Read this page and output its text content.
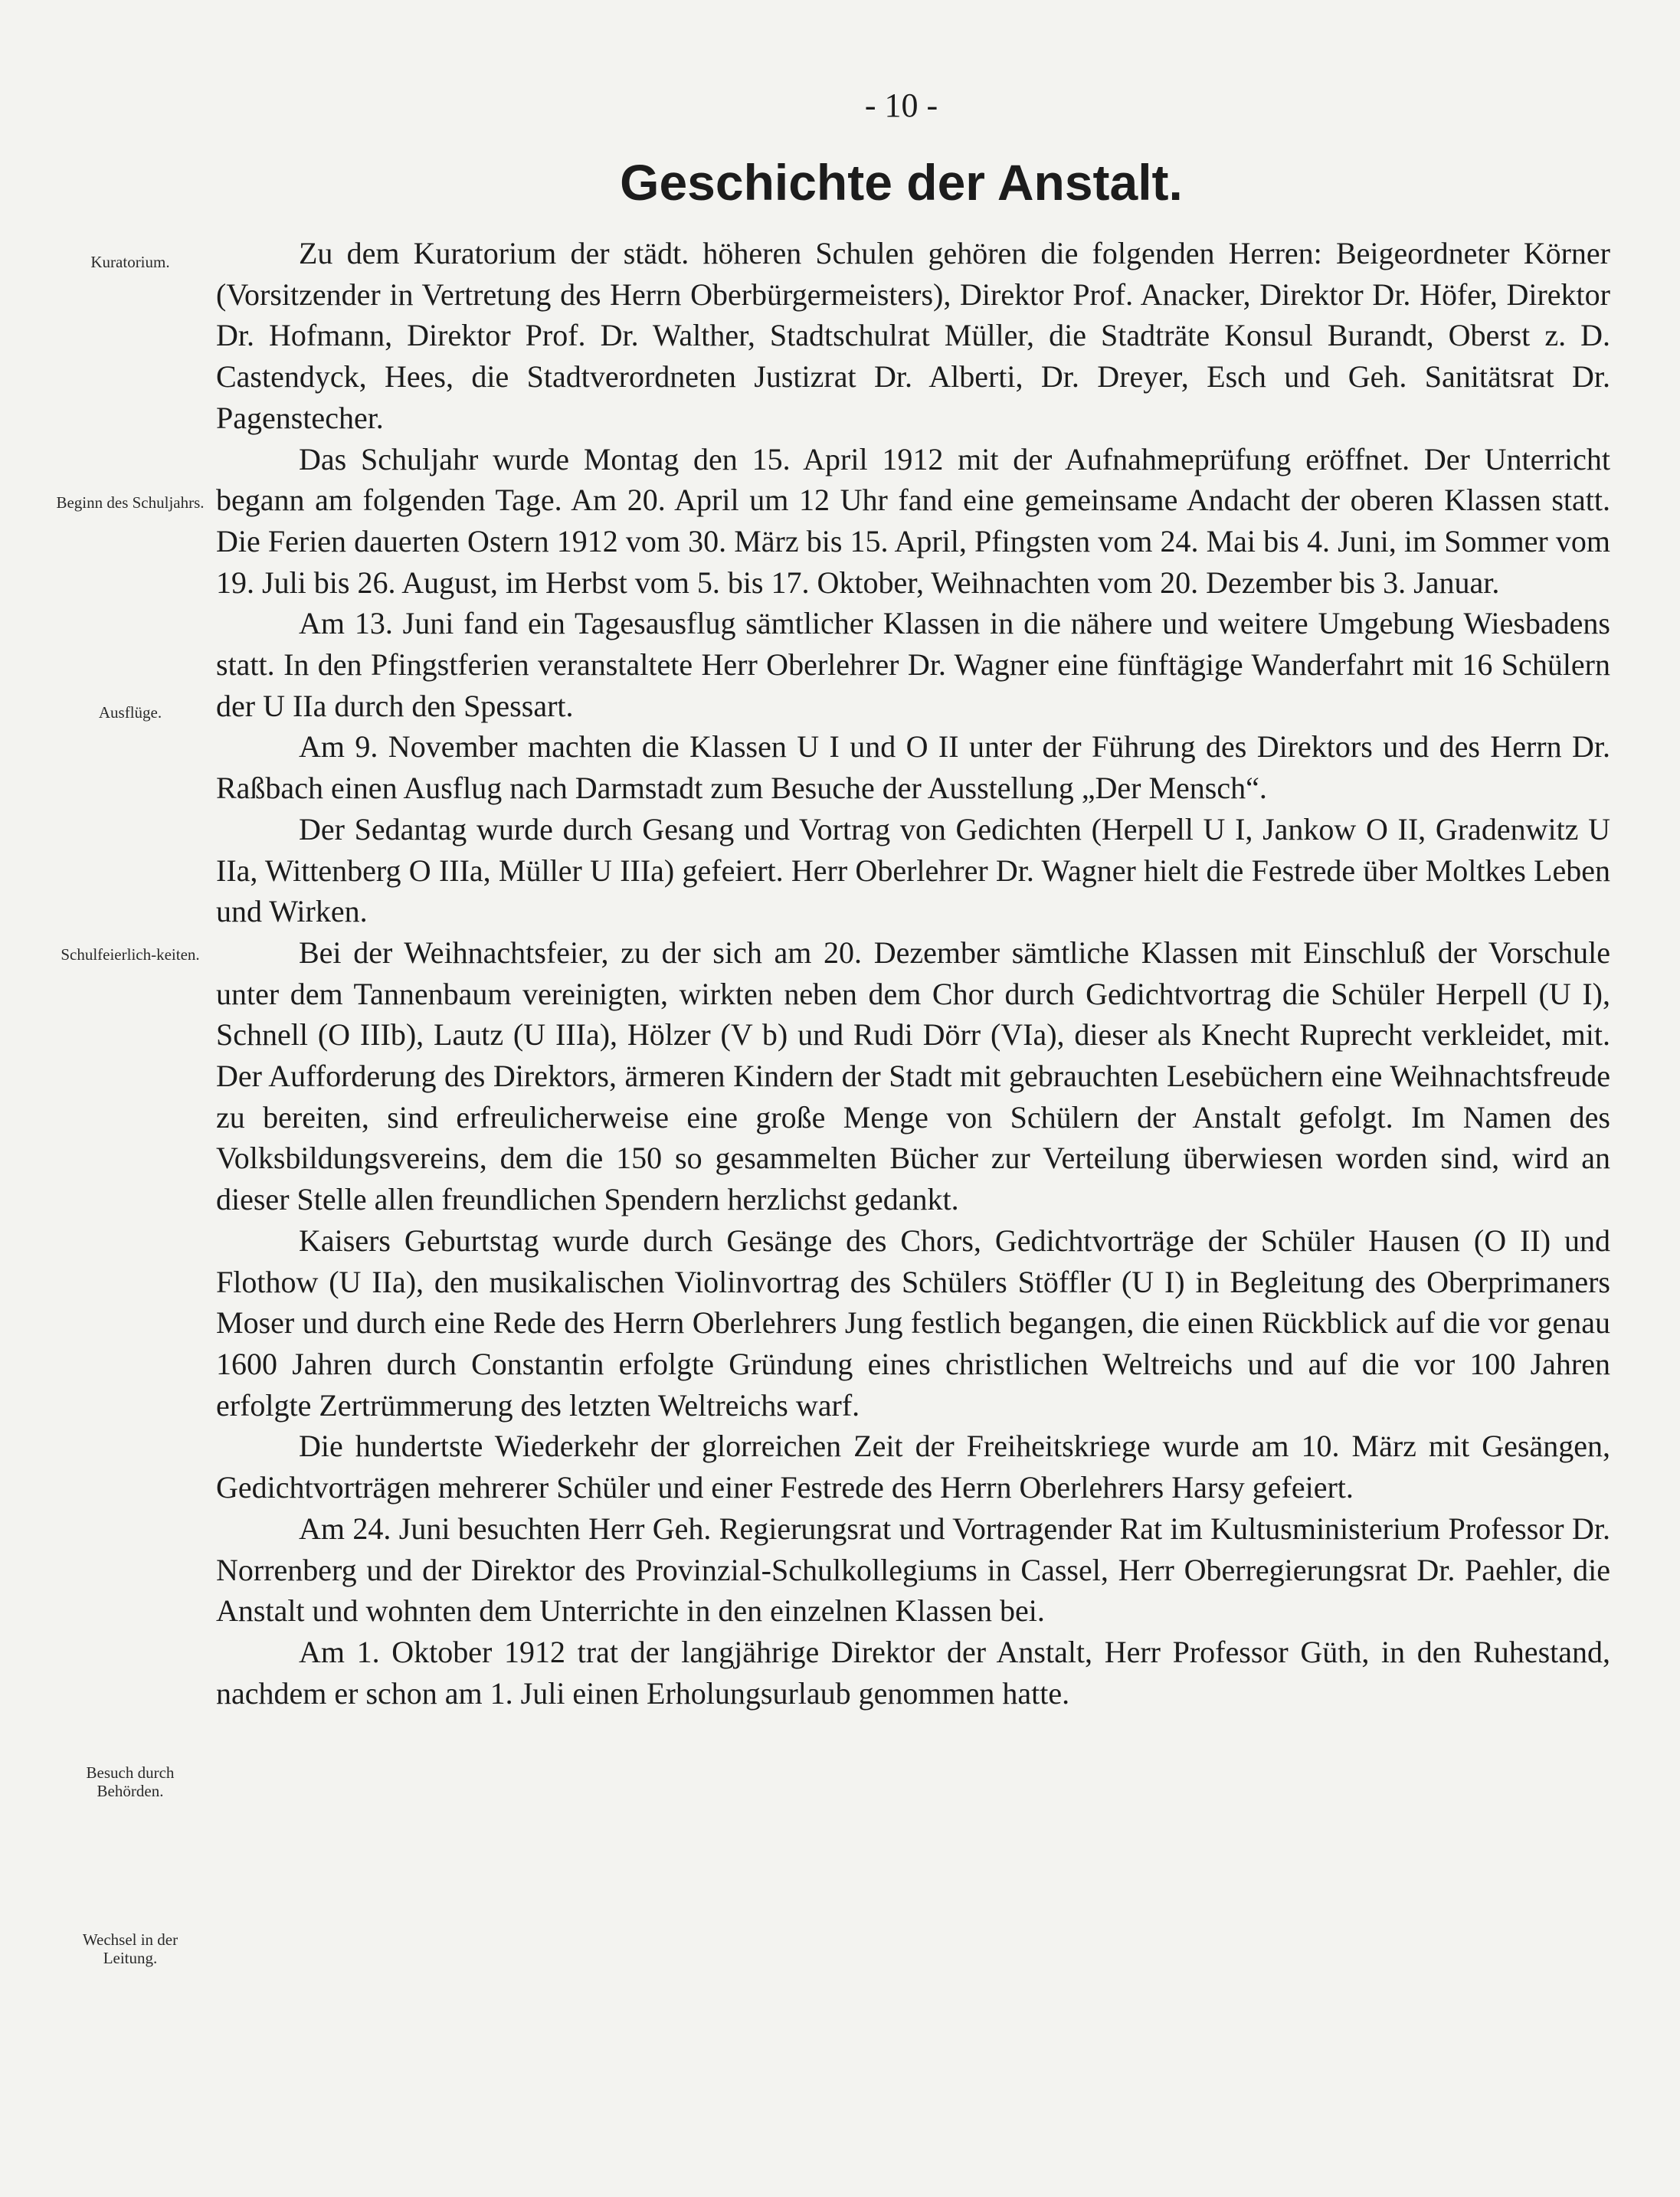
- 10 -
Geschichte der Anstalt.
Kuratorium.
Beginn des Schuljahrs.
Ausflüge.
Schulfeierlich-keiten.
Besuch durch Behörden.
Wechsel in der Leitung.

Zu dem Kuratorium der städt. höheren Schulen gehören die folgenden Herren: Beigeordneter Körner (Vorsitzender in Vertretung des Herrn Oberbürgermeisters), Direktor Prof. Anacker, Direktor Dr. Höfer, Direktor Dr. Hofmann, Direktor Prof. Dr. Walther, Stadtschulrat Müller, die Stadträte Konsul Burandt, Oberst z. D. Castendyck, Hees, die Stadtverordneten Justizrat Dr. Alberti, Dr. Dreyer, Esch und Geh. Sanitätsrat Dr. Pagenstecher.

Das Schuljahr wurde Montag den 15. April 1912 mit der Aufnahmeprüfung eröffnet. Der Unterricht begann am folgenden Tage. Am 20. April um 12 Uhr fand eine gemeinsame Andacht der oberen Klassen statt. Die Ferien dauerten Ostern 1912 vom 30. März bis 15. April, Pfingsten vom 24. Mai bis 4. Juni, im Sommer vom 19. Juli bis 26. August, im Herbst vom 5. bis 17. Oktober, Weihnachten vom 20. Dezember bis 3. Januar.

Am 13. Juni fand ein Tagesausflug sämtlicher Klassen in die nähere und weitere Umgebung Wiesbadens statt. In den Pfingstferien veranstaltete Herr Oberlehrer Dr. Wagner eine fünftägige Wanderfahrt mit 16 Schülern der U IIa durch den Spessart.

Am 9. November machten die Klassen U I und O II unter der Führung des Direktors und des Herrn Dr. Raßbach einen Ausflug nach Darmstadt zum Besuche der Ausstellung „Der Mensch“.

Der Sedantag wurde durch Gesang und Vortrag von Gedichten (Herpell U I, Jankow O II, Gradenwitz U IIa, Wittenberg O IIIa, Müller U IIIa) gefeiert. Herr Oberlehrer Dr. Wagner hielt die Festrede über Moltkes Leben und Wirken.

Bei der Weihnachtsfeier, zu der sich am 20. Dezember sämtliche Klassen mit Einschluß der Vorschule unter dem Tannenbaum vereinigten, wirkten neben dem Chor durch Gedichtvortrag die Schüler Herpell (U I), Schnell (O IIIb), Lautz (U IIIa), Hölzer (V b) und Rudi Dörr (VIa), dieser als Knecht Ruprecht verkleidet, mit. Der Aufforderung des Direktors, ärmeren Kindern der Stadt mit gebrauchten Lesebüchern eine Weihnachtsfreude zu bereiten, sind erfreulicherweise eine große Menge von Schülern der Anstalt gefolgt. Im Namen des Volksbildungsvereins, dem die 150 so gesammelten Bücher zur Verteilung überwiesen worden sind, wird an dieser Stelle allen freundlichen Spendern herzlichst gedankt.

Kaisers Geburtstag wurde durch Gesänge des Chors, Gedichtvorträge der Schüler Hausen (O II) und Flothow (U IIa), den musikalischen Violinvortrag des Schülers Stöffler (U I) in Begleitung des Oberprimaners Moser und durch eine Rede des Herrn Oberlehrers Jung festlich begangen, die einen Rückblick auf die vor genau 1600 Jahren durch Constantin erfolgte Gründung eines christlichen Weltreichs und auf die vor 100 Jahren erfolgte Zertrümmerung des letzten Weltreichs warf.

Die hundertste Wiederkehr der glorreichen Zeit der Freiheitskriege wurde am 10. März mit Gesängen, Gedichtvorträgen mehrerer Schüler und einer Festrede des Herrn Oberlehrers Harsy gefeiert.

Am 24. Juni besuchten Herr Geh. Regierungsrat und Vortragender Rat im Kultusministerium Professor Dr. Norrenberg und der Direktor des Provinzial-Schulkollegiums in Cassel, Herr Oberregierungsrat Dr. Paehler, die Anstalt und wohnten dem Unterrichte in den einzelnen Klassen bei.

Am 1. Oktober 1912 trat der langjährige Direktor der Anstalt, Herr Professor Güth, in den Ruhestand, nachdem er schon am 1. Juli einen Erholungsurlaub genommen hatte.
